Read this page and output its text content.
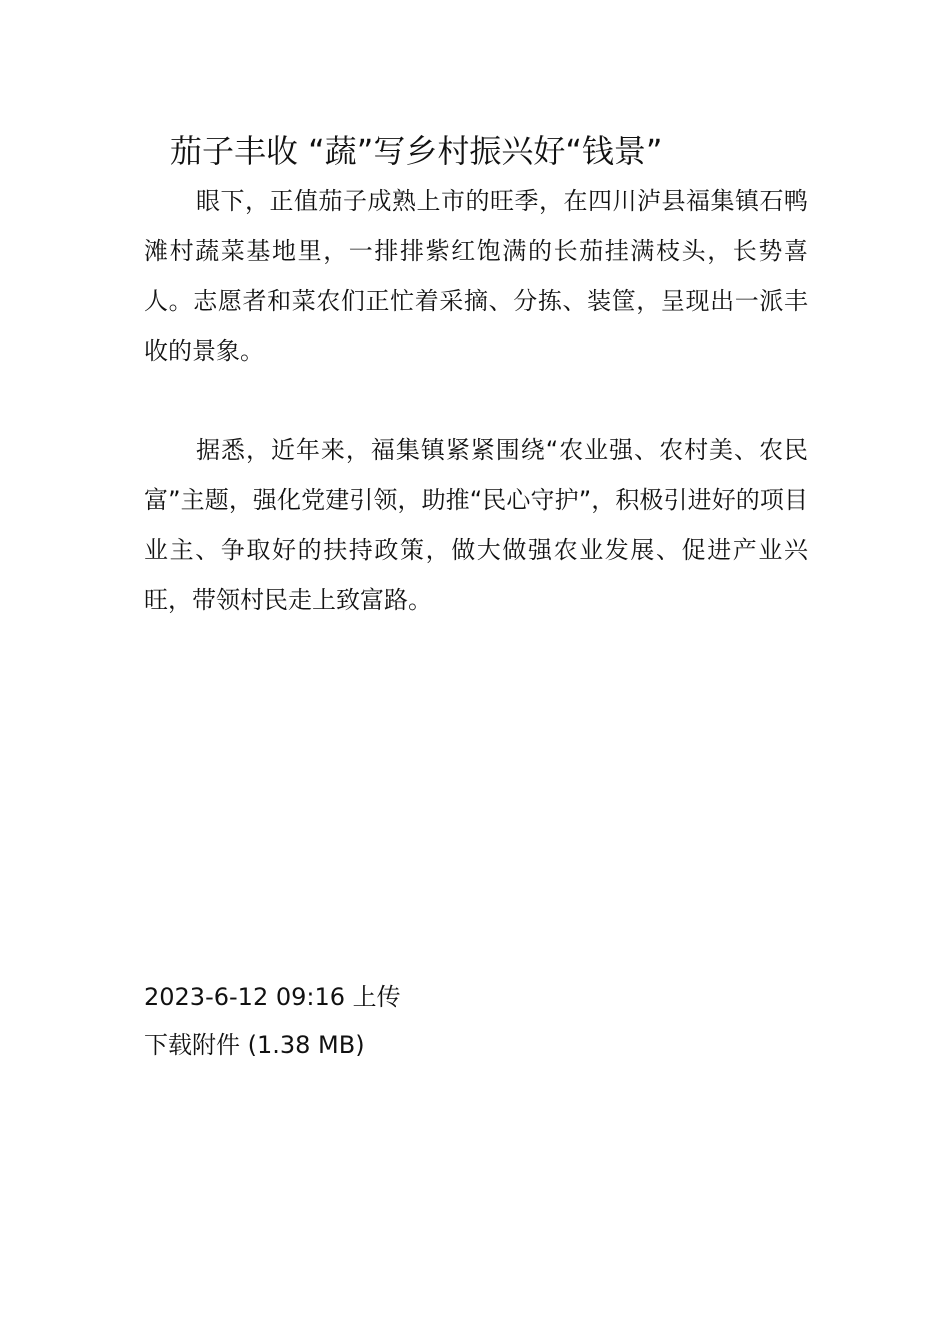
茄子丰收 “蔬”写乡村振兴好“钱景”

眼下，正值茄子成熟上市的旺季，在四川泸县福集镇石鸭滩村蔬菜基地里，一排排紫红饱满的长茄挂满枝头，长势喜人。志愿者和菜农们正忙着采摘、分拣、装筐，呈现出一派丰收的景象。

据悉，近年来，福集镇紧紧围绕“农业强、农村美、农民富”主题，强化党建引领，助推“民心守护”，积极引进好的项目业主、争取好的扶持政策，做大做强农业发展、促进产业兴旺，带领村民走上致富路。

2023-6-12 09:16 上传

下载附件 (1.38 MB)
